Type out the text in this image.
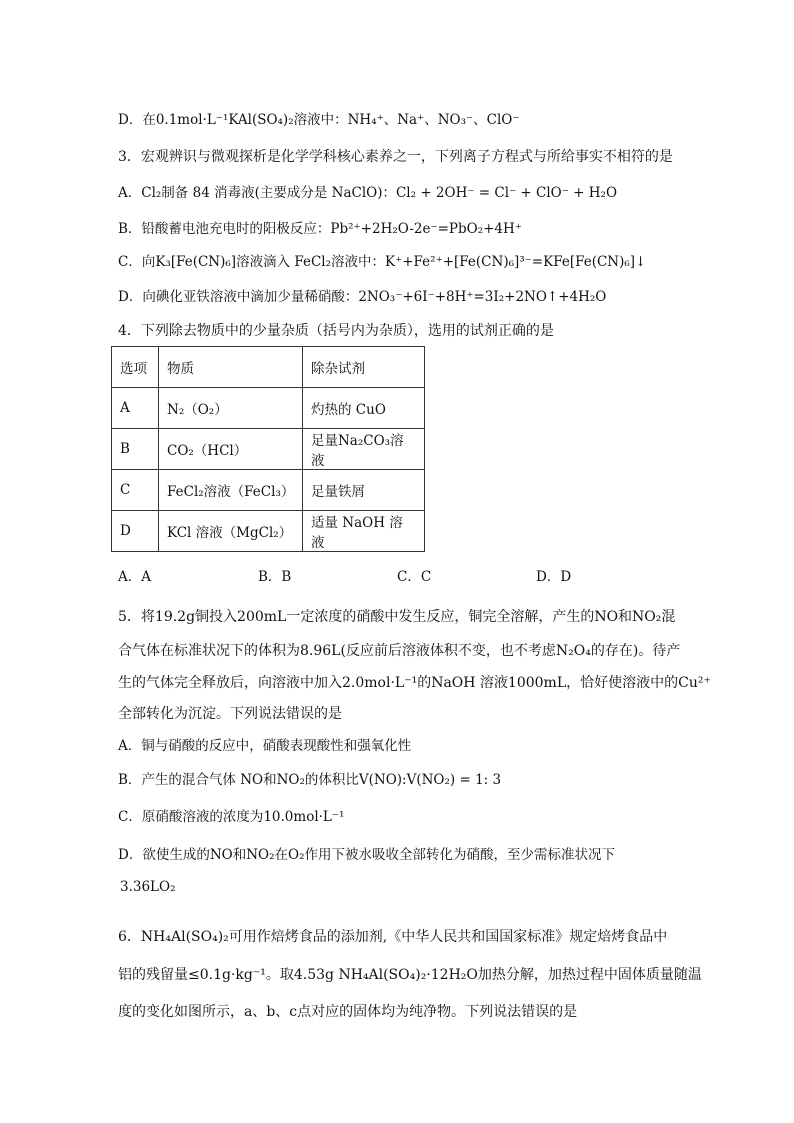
D．在0.1mol·L⁻¹KAl(SO₄)₂溶液中：NH₄⁺、Na⁺、NO₃⁻、ClO⁻
3．宏观辨识与微观探析是化学学科核心素养之一，下列离子方程式与所给事实不相符的是
A．Cl₂制备 84 消毒液(主要成分是 NaClO)：Cl₂ + 2OH⁻ = Cl⁻ + ClO⁻ + H₂O
B．铅酸蓄电池充电时的阳极反应：Pb²⁺+2H₂O-2e⁻=PbO₂+4H⁺
C．向K₃[Fe(CN)₆]溶液滴入 FeCl₂溶液中：K⁺+Fe²⁺+[Fe(CN)₆]³⁻=KFe[Fe(CN)₆]↓
D．向碘化亚铁溶液中滴加少量稀硝酸：2NO₃⁻+6I⁻+8H⁺=3I₂+2NO↑+4H₂O
4．下列除去物质中的少量杂质（括号内为杂质），选用的试剂正确的是
选项	物质	除杂试剂
A	N₂（O₂）	灼热的 CuO
B	CO₂（HCl）	足量Na₂CO₃溶液
C	FeCl₂溶液（FeCl₃）	足量铁屑
D	KCl 溶液（MgCl₂）	适量 NaOH 溶液
A．A	B．B	C．C	D．D
5．将19.2g铜投入200mL一定浓度的硝酸中发生反应，铜完全溶解，产生的NO和NO₂混
合气体在标准状况下的体积为8.96L(反应前后溶液体积不变，也不考虑N₂O₄的存在)。待产
生的气体完全释放后，向溶液中加入2.0mol·L⁻¹的NaOH 溶液1000mL，恰好使溶液中的Cu²⁺
全部转化为沉淀。下列说法错误的是
A．铜与硝酸的反应中，硝酸表现酸性和强氧化性
B．产生的混合气体 NO和NO₂的体积比V(NO):V(NO₂) = 1: 3
C．原硝酸溶液的浓度为10.0mol·L⁻¹
D．欲使生成的NO和NO₂在O₂作用下被水吸收全部转化为硝酸，至少需标准状况下
3.36LO₂
6．NH₄Al(SO₄)₂可用作焙烤食品的添加剂,《中华人民共和国国家标准》规定焙烤食品中
铝的残留量≤0.1g·kg⁻¹。取4.53g NH₄Al(SO₄)₂·12H₂O加热分解，加热过程中固体质量随温
度的变化如图所示，a、b、c点对应的固体均为纯净物。下列说法错误的是
